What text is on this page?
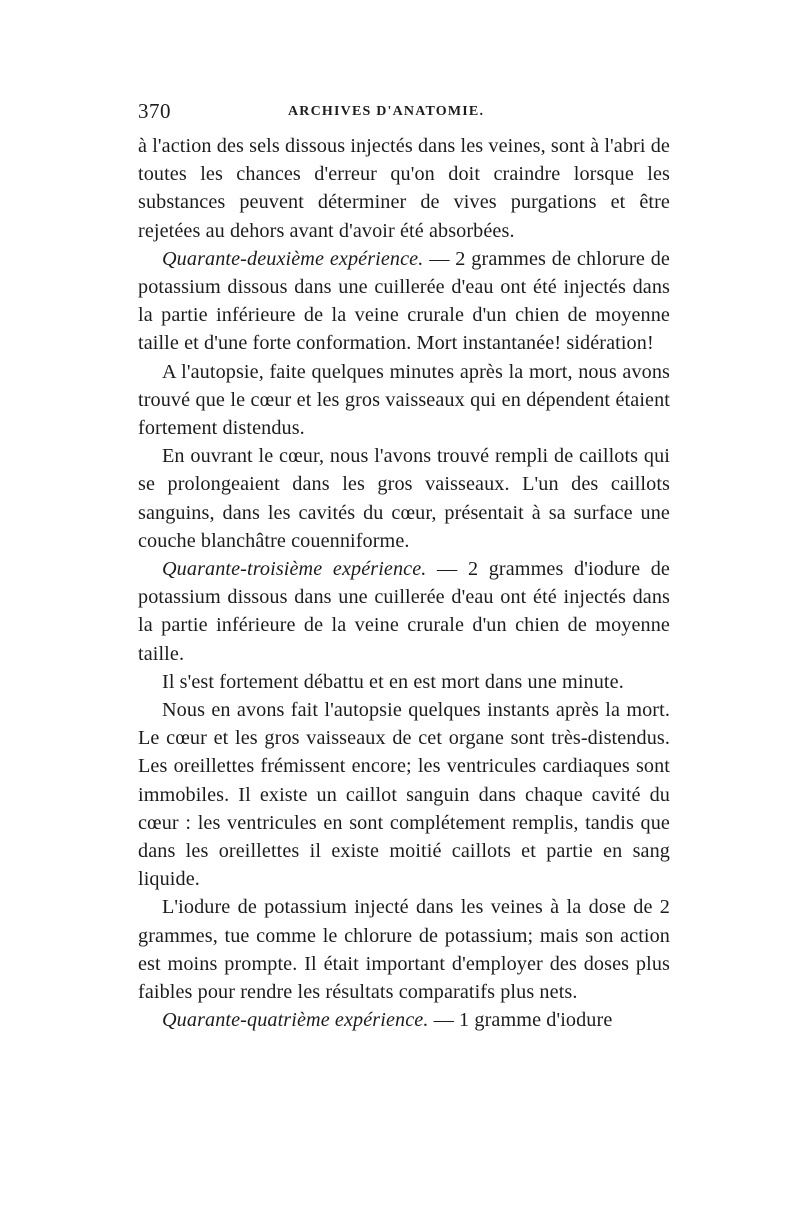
370	ARCHIVES D'ANATOMIE.

à l'action des sels dissous injectés dans les veines, sont à l'abri de toutes les chances d'erreur qu'on doit craindre lorsque les substances peuvent déterminer de vives purgations et être rejetées au dehors avant d'avoir été absorbées.

Quarante-deuxième expérience. — 2 grammes de chlorure de potassium dissous dans une cuillerée d'eau ont été injectés dans la partie inférieure de la veine crurale d'un chien de moyenne taille et d'une forte conformation. Mort instantanée! sidération!

A l'autopsie, faite quelques minutes après la mort, nous avons trouvé que le cœur et les gros vaisseaux qui en dépendent étaient fortement distendus.

En ouvrant le cœur, nous l'avons trouvé rempli de caillots qui se prolongeaient dans les gros vaisseaux. L'un des caillots sanguins, dans les cavités du cœur, présentait à sa surface une couche blanchâtre couenniforme.

Quarante-troisième expérience. — 2 grammes d'iodure de potassium dissous dans une cuillerée d'eau ont été injectés dans la partie inférieure de la veine crurale d'un chien de moyenne taille.

Il s'est fortement débattu et en est mort dans une minute.

Nous en avons fait l'autopsie quelques instants après la mort. Le cœur et les gros vaisseaux de cet organe sont très-distendus. Les oreillettes frémissent encore; les ventricules cardiaques sont immobiles. Il existe un caillot sanguin dans chaque cavité du cœur : les ventricules en sont complétement remplis, tandis que dans les oreillettes il existe moitié caillots et partie en sang liquide.

L'iodure de potassium injecté dans les veines à la dose de 2 grammes, tue comme le chlorure de potassium; mais son action est moins prompte. Il était important d'employer des doses plus faibles pour rendre les résultats comparatifs plus nets.

Quarante-quatrième expérience. — 1 gramme d'iodure
